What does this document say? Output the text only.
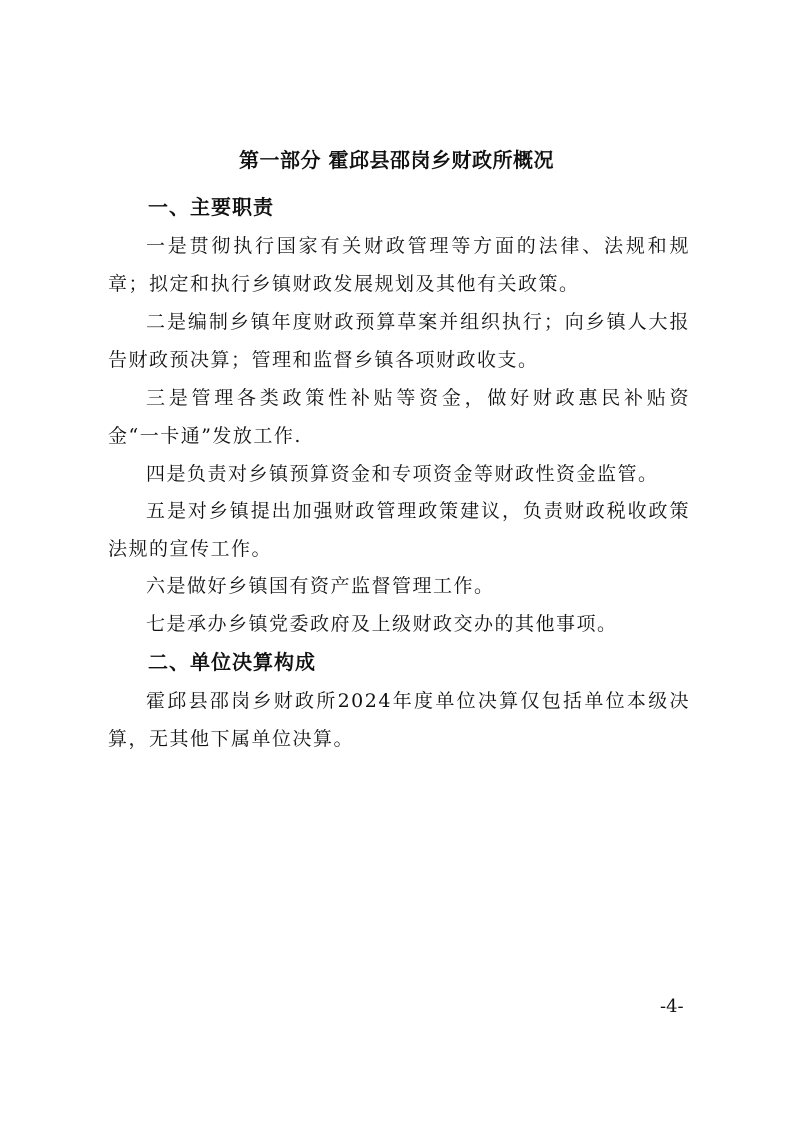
第一部分 霍邱县邵岗乡财政所概况
一、主要职责

一是贯彻执行国家有关财政管理等方面的法律、法规和规章；拟定和执行乡镇财政发展规划及其他有关政策。

二是编制乡镇年度财政预算草案并组织执行；向乡镇人大报告财政预决算；管理和监督乡镇各项财政收支。

三是管理各类政策性补贴等资金，做好财政惠民补贴资金“一卡通”发放工作.

四是负责对乡镇预算资金和专项资金等财政性资金监管。

五是对乡镇提出加强财政管理政策建议，负责财政税收政策法规的宣传工作。

六是做好乡镇国有资产监督管理工作。

七是承办乡镇党委政府及上级财政交办的其他事项。

二、单位决算构成

霍邱县邵岗乡财政所2024年度单位决算仅包括单位本级决算，无其他下属单位决算。

-4-
